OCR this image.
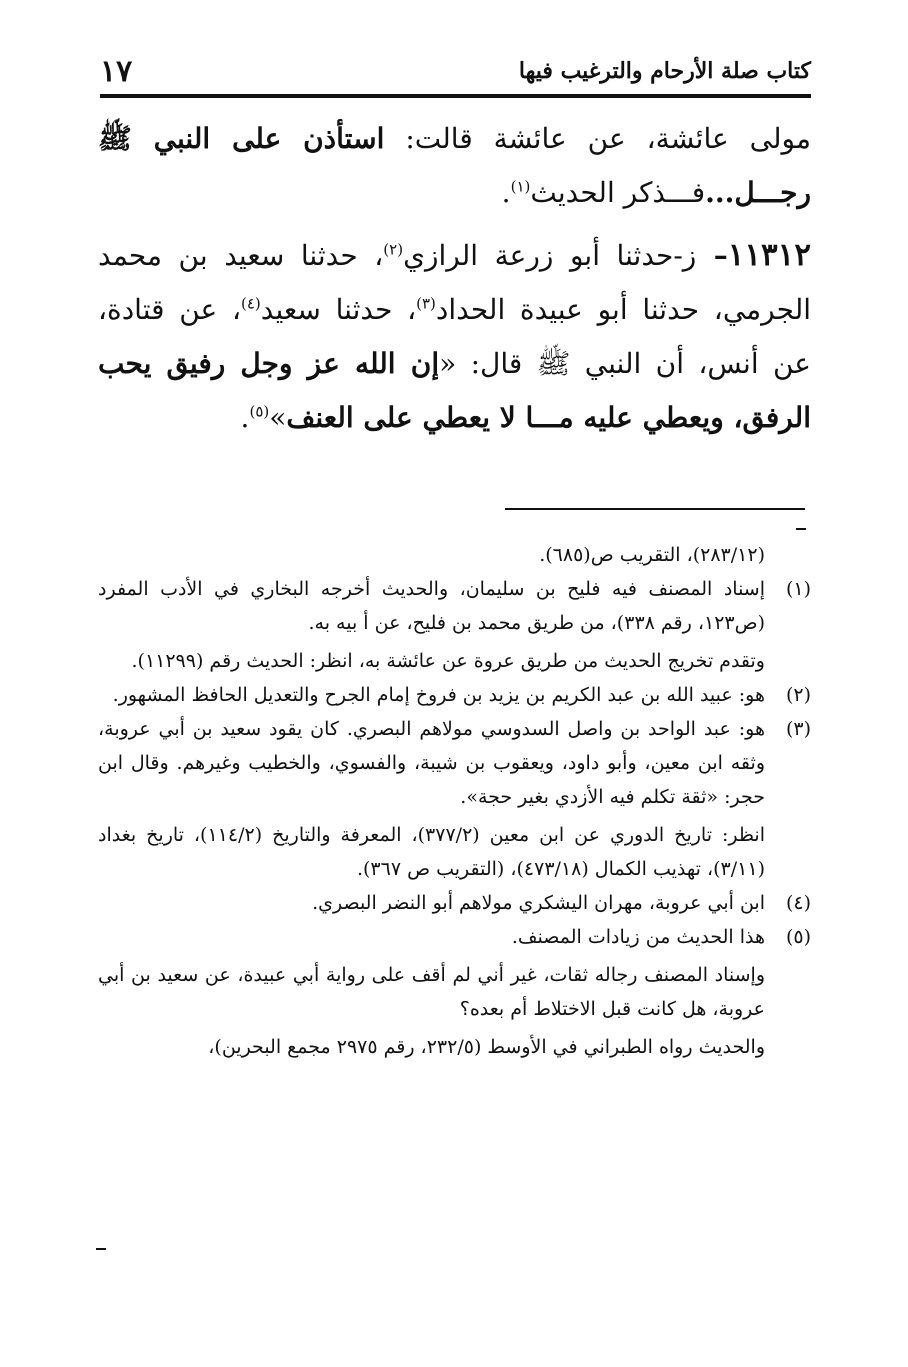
كتاب صلة الأرحام والترغيب فيها
١٧

مولى عائشة، عن عائشة قالت: استأذن على النبي ﷺ رجـــل...فـــذكر الحديث$^{(١)}$.

١١٣١٢– ز-حدثنا أبو زرعة الرازي$^{(٢)}$، حدثنا سعيد بن محمد الجرمي، حدثنا أبو عبيدة الحداد$^{(٣)}$، حدثنا سعيد$^{(٤)}$، عن قتادة، عن أنس، أن النبي ﷺ قال: «إن الله عز وجل رفيق يحب الرفق، ويعطي عليه مـــا لا يعطي على العنف»$^{(٥)}$.

(٢٨٣/١٢)، التقريب ص(٦٨٥).

(١)
إسناد المصنف فيه فليح بن سليمان، والحديث أخرجه البخاري في الأدب المفرد (ص١٢٣، رقم ٣٣٨)، من طريق محمد بن فليح، عن أ بيه به.

وتقدم تخريج الحديث من طريق عروة عن عائشة به، انظر: الحديث رقم (١١٢٩٩).

(٢)
هو: عبيد الله بن عبد الكريم بن يزيد بن فروخ إمام الجرح والتعديل الحافظ المشهور.
(٣)
هو: عبد الواحد بن واصل السدوسي مولاهم البصري. كان يقود سعيد بن أبي عروبة، وثقه ابن معين، وأبو داود، ويعقوب بن شيبة، والفسوي، والخطيب وغيرهم. وقال ابن حجر: «ثقة تكلم فيه الأزدي بغير حجة».

انظر: تاريخ الدوري عن ابن معين (٣٧٧/٢)، المعرفة والتاريخ (١١٤/٢)، تاريخ بغداد (٣/١١)، تهذيب الكمال (٤٧٣/١٨)، (التقريب ص ٣٦٧).

(٤)
ابن أبي عروبة، مهران اليشكري مولاهم أبو النضر البصري.
(٥)
هذا الحديث من زيادات المصنف.

وإسناد المصنف رجاله ثقات، غير أني لم أقف على رواية أبي عبيدة، عن سعيد بن أبي عروبة، هل كانت قبل الاختلاط أم بعده؟

والحديث رواه الطبراني في الأوسط (٢٣٢/٥، رقم ٢٩٧٥ مجمع البحرين)،
